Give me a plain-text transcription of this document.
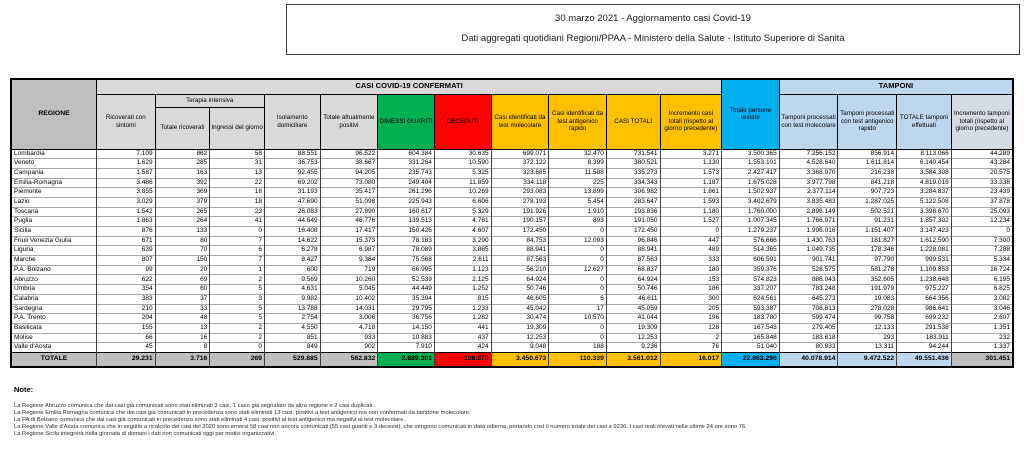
30 marzo 2021 - Aggiornamento casi Covid-19
Dati aggregati quotidiani Regioni/PPAA - Ministero della Salute - Istituto Superiore di Sanità
REGIONE	CASI COVID-19 CONFERMATI											Totale persone testate	TAMPONI			
	Ricoverati con sintomi	Terapia intensiva		Isolamento domiciliare	Totale attualmente positivi	DIMESSI GUARITI	DECEDUTI	Casi identificati da test molecolare	Casi identificati da test antigenico rapido	CASI TOTALI	Incremento casi totali (rispetto al giorno precedente)		Tamponi processati con test molecolare	Tamponi processati con test antigenico rapido	TOTALE tamponi effettuati	Incremento tamponi totali (rispetto al giorno precedente)
		Totale ricoverati	Ingressi del giorno													
Lombardia	7.109	862	58	88.551	96.522	604.384	30.635	699.071	32.470	731.541	3.271	3.500.365	7.256.152	856.914	8.113.066	44.289
Veneto	1.629	285	31	36.753	38.667	331.264	10.590	372.122	8.399	380.521	1.130	1.553.101	4.528.640	1.611.814	6.140.454	43.284
Campania	1.587	163	13	92.455	94.205	235.743	5.325	323.685	11.588	335.273	1.573	2.427.417	3.368.070	216.238	3.584.308	20.575
Emilia-Romagna	3.486	392	22	69.202	73.080	249.404	11.859	334.118	225	334.343	1.187	1.675.028	3.977.798	841.218	4.819.016	33.338
Piemonte	3.855	369	18	31.193	35.417	261.296	10.269	293.083	13.899	306.982	1.861	1.502.937	2.377.114	907.723	3.284.837	23.439
Lazio	3.029	379	18	47.690	51.098	225.943	6.606	278.193	5.454	283.647	1.593	3.402.679	3.835.483	1.287.025	5.122.508	37.878
Toscana	1.542	265	23	26.083	27.890	160.617	5.329	191.926	1.910	193.836	1.180	1.760.000	2.896.149	502.521	3.398.670	25.093
Puglia	1.863	264	41	44.649	46.776	139.513	4.761	190.157	893	191.050	1.527	1.007.345	1.766.071	91.231	1.857.302	12.234
Sicilia	876	133	0	16.408	17.417	150.426	4.607	172.450	0	172.450	0	1.279.237	1.996.016	1.151.407	3.147.423	0
Friuli Venezia Giulia	671	80	7	14.622	15.373	78.183	3.290	84.753	12.093	96.846	447	576.666	1.430.763	181.827	1.612.590	7.300
Liguria	639	70	6	6.278	6.987	78.089	3.865	88.941	0	88.941	489	514.365	1.049.735	178.346	1.228.081	7.288
Marche	807	150	7	8.427	9.384	75.568	2.611	87.563	0	87.563	333	606.591	901.741	97.790	999.531	5.334
P.A. Bolzano	99	20	1	600	719	66.995	1.123	56.210	12.627	68.837	180	359.376	528.575	581.278	1.109.853	16.724
Abruzzo	622	69	2	9.569	10.260	52.539	2.125	64.924	0	64.924	153	574.823	886.043	352.605	1.238.648	6.195
Umbria	354	60	5	4.631	5.045	44.449	1.252	50.746	0	50.746	186	337.207	783.248	191.979	975.227	6.825
Calabria	383	37	3	9.982	10.402	35.394	815	46.605	6	46.611	300	624.561	645.273	19.083	664.356	3.082
Sardegna	210	33	5	13.788	14.031	29.795	1.233	45.042	17	45.059	205	593.387	708.613	278.028	986.641	3.046
P.A. Trento	204	48	5	2.754	3.006	36.756	1.282	30.474	10.570	41.044	196	183.780	599.474	99.758	699.232	2.607
Basilicata	155	13	2	4.550	4.718	14.150	441	19.309	0	19.309	128	167.543	279.405	12.133	291.538	1.351
Molise	66	16	2	851	933	10.883	437	12.253	0	12.253	2	165.848	183.618	293	183.911	232
Valle d'Aosta	45	8	0	849	902	7.910	424	9.048	188	9.236	76	51.040	80.933	13.311	94.244	1.337
TOTALE	29.231	3.716	269	529.885	562.832	2.889.301	108.879	3.450.673	110.339	3.561.012	16.017	22.863.296	40.078.914	9.472.522	49.551.436	301.451
Note:
La Regione Abruzzo comunica che dai casi già comunicati sono stati eliminati 3 casi, 1 caso già segnalato da altra regione e 2 casi duplicati.
La Regione Emilia Romagna comunica che dai casi già comunicati in precedenza sono stati eliminati 13 casi, positivi a test antigenico ma non confermati da tampone molecolare.
La PA di Bolzano comunica che dai casi già comunicati in precedenza sono stati eliminati 4 casi, positivi al test antigenico ma negativi al test molecolare.
La Regione Valle d'Aosta comunica che in seguito a ricalcolo dei casi del 2020 sono emersi 58 casi non ancora comunicati (55 casi guariti e 3 decessi), che vengono comunicati in data odierna, portando così il numero totale dei casi a 9236. I casi reali rilevati nelle ultime 24 ore sono 76.
La Regione Sicila integrerà nella giornata di domani i dati non comunicati oggi per motivi organizzativi.
